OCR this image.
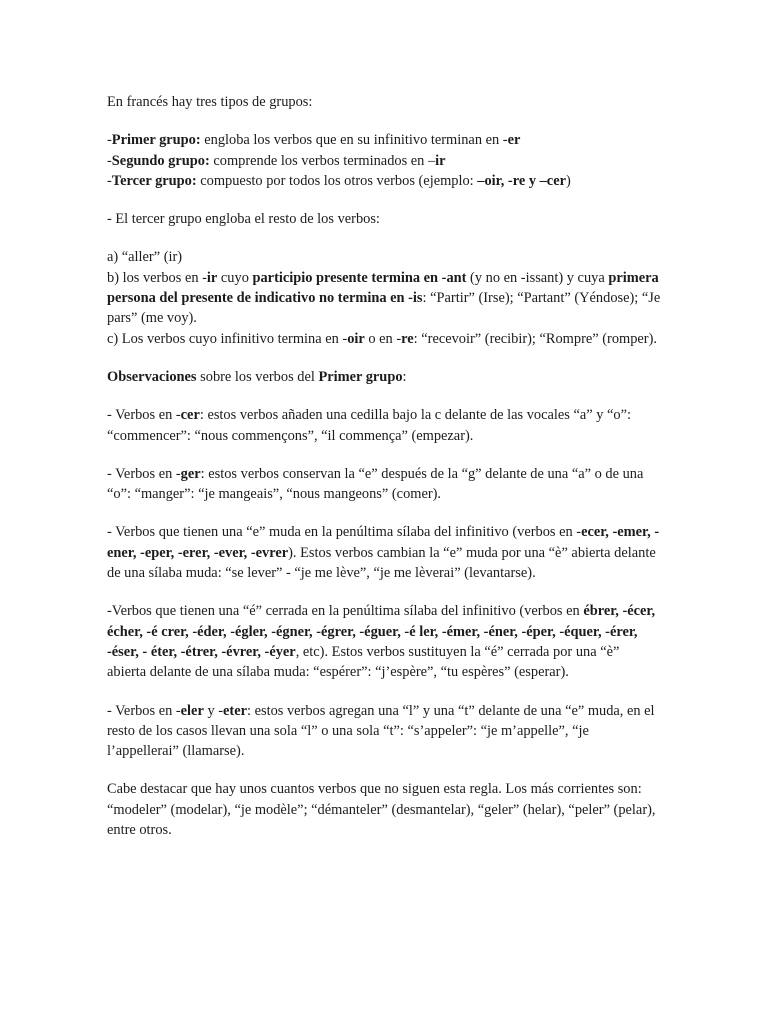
En francés hay tres tipos de grupos:

-Primer grupo: engloba los verbos que en su infinitivo terminan en -er
-Segundo grupo: comprende los verbos terminados en –ir
-Tercer grupo: compuesto por todos los otros verbos (ejemplo: –oir, -re y –cer)

- El tercer grupo engloba el resto de los verbos:

a) “aller” (ir)
b) los verbos en -ir cuyo participio presente termina en -ant (y no en -issant) y cuya primera persona del presente de indicativo no termina en -is: “Partir” (Irse); “Partant” (Yéndose); “Je pars” (me voy).
c) Los verbos cuyo infinitivo termina en -oir o en -re: “recevoir” (recibir); “Rompre” (romper).

Observaciones sobre los verbos del Primer grupo:

- Verbos en -cer: estos verbos añaden una cedilla bajo la c delante de las vocales “a” y “o”: “commencer”: “nous commençons”, “il commença” (empezar).

- Verbos en -ger: estos verbos conservan la “e” después de la “g” delante de una “a” o de una “o”: “manger”: “je mangeais”, “nous mangeons” (comer).

- Verbos que tienen una “e” muda en la penúltima sílaba del infinitivo (verbos en -ecer, -emer, -ener, -eper, -erer, -ever, -evrer). Estos verbos cambian la “e” muda por una “è” abierta delante de una sílaba muda: “se lever” - “je me lève”, “je me lèverai” (levantarse).

-Verbos que tienen una “é” cerrada en la penúltima sílaba del infinitivo (verbos en ébrer, -écer, écher, -é crer, -éder, -égler, -égner, -égrer, -éguer, -é ler, -émer, -éner, -éper, -équer, -érer, -éser, - éter, -étrer, -évrer, -éyer, etc). Estos verbos sustituyen la “é” cerrada por una “è” abierta delante de una sílaba muda: “espérer”: “j’espère”, “tu espères” (esperar).

- Verbos en -eler y -eter: estos verbos agregan una “l” y una “t” delante de una “e” muda, en el resto de los casos llevan una sola “l” o una sola “t”: “s’appeler”: “je m’appelle”, “je l’appellerai” (llamarse).

Cabe destacar que hay unos cuantos verbos que no siguen esta regla. Los más corrientes son: “modeler” (modelar), “je modèle”; “démanteler” (desmantelar), “geler” (helar), “peler” (pelar), entre otros.
